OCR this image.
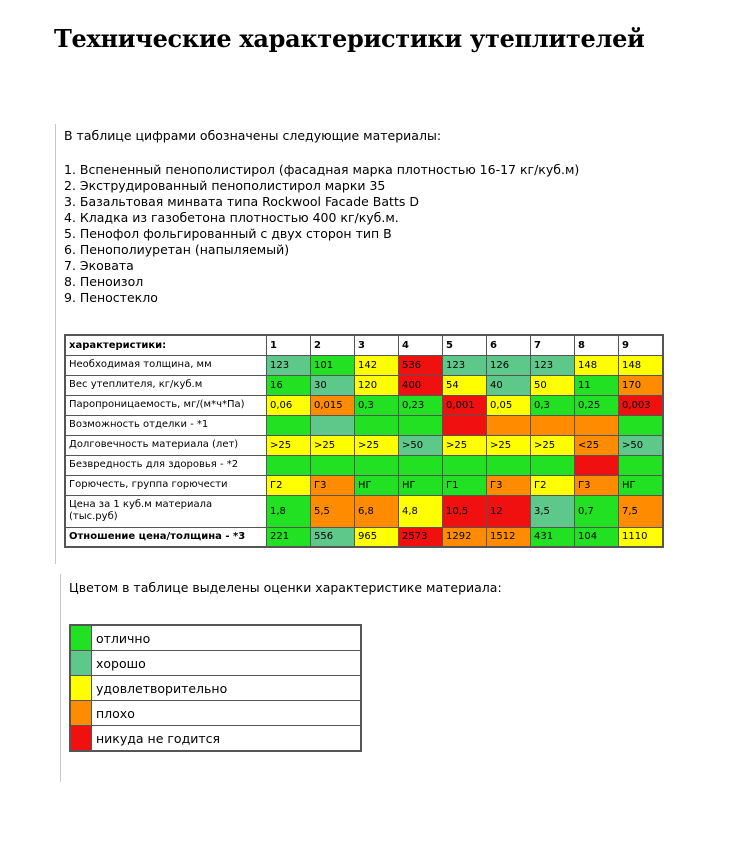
Технические характеристики утеплителей
В таблице цифрами обозначены следующие материалы:
1. Вспененный пенополистирол (фасадная марка плотностью 16-17 кг/куб.м)
2. Экструдированный пенополистирол марки 35
3. Базальтовая минвата типа Rockwool Facade Batts D
4. Кладка из газобетона плотностью 400 кг/куб.м.
5. Пенофол фольгированный с двух сторон тип B
6. Пенополиуретан (напыляемый)
7. Эковата
8. Пеноизол
9. Пеностекло
характеристики:	1	2	3	4	5	6	7	8	9
Необходимая толщина, мм	123	101	142	536	123	126	123	148	148
Вес утеплителя, кг/куб.м	16	30	120	400	54	40	50	11	170
Паропроницаемость, мг/(м*ч*Па)	0,06	0,015	0,3	0,23	0,001	0,05	0,3	0,25	0,003
Возможность отделки - *1									
Долговечность материала (лет)	>25	>25	>25	>50	>25	>25	>25	<25	>50
Безвредность для здоровья - *2									
Горючесть, группа горючести	Г2	Г3	НГ	НГ	Г1	Г3	Г2	Г3	НГ
Цена за 1 куб.м материала (тыс.руб)	1,8	5,5	6,8	4,8	10,5	12	3,5	0,7	7,5
Отношение цена/толщина - *3	221	556	965	2573	1292	1512	431	104	1110
Цветом в таблице выделены оценки характеристике материала:
	отлично
	хорошо
	удовлетворительно
	плохо
	никуда не годится
